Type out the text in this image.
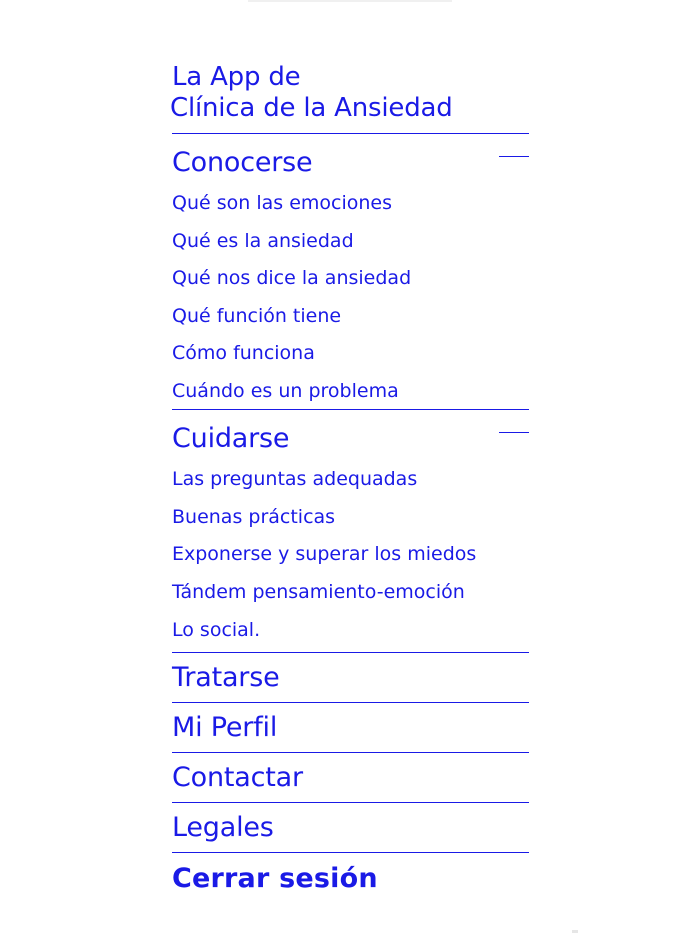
La App de
Clínica de la Ansiedad
Conocerse
Qué son las emociones
Qué es la ansiedad
Qué nos dice la ansiedad
Qué función tiene
Cómo funciona
Cuándo es un problema
Cuidarse
Las preguntas adequadas
Buenas prácticas
Exponerse y superar los miedos
Tándem pensamiento-emoción
Lo social.
Tratarse
Mi Perfil
Contactar
Legales
Cerrar sesión
